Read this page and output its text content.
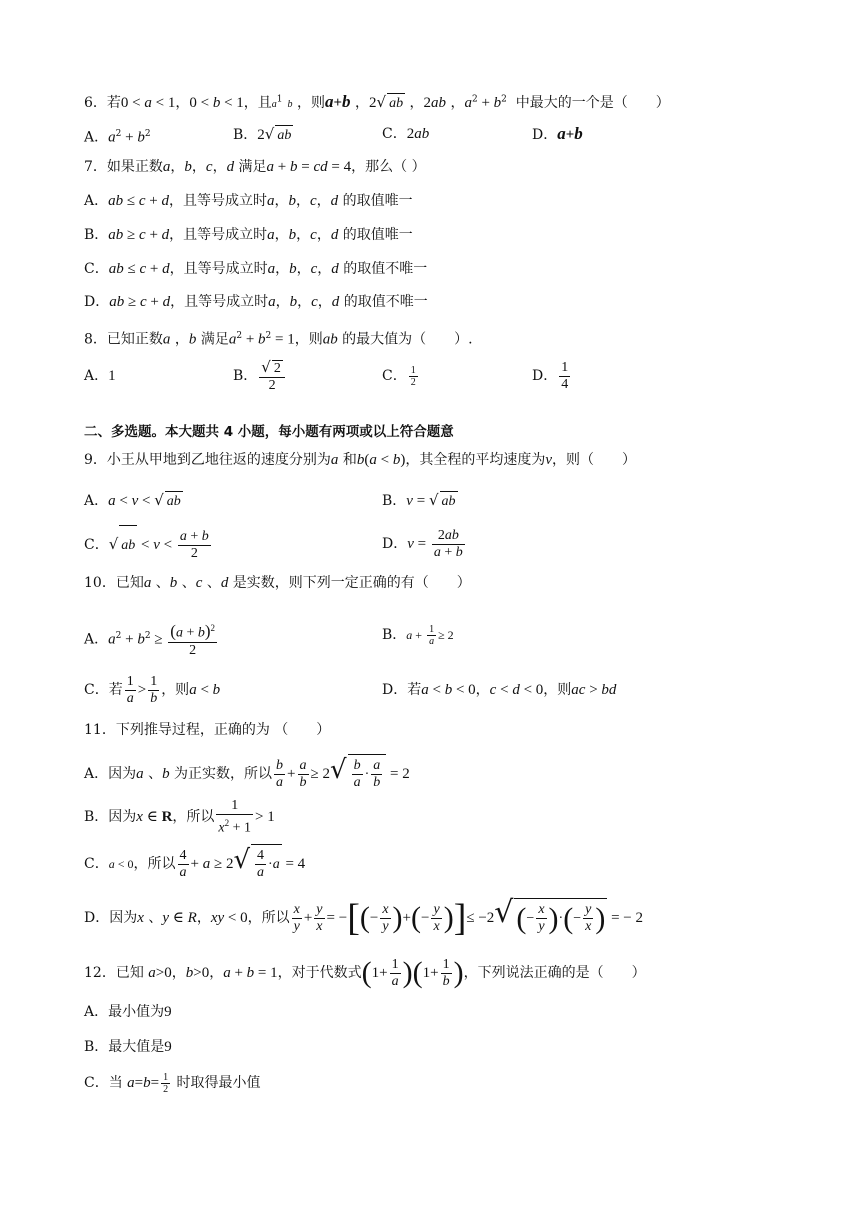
6．若0 < a < 1，0 < b < 1，且$a^1$  b ，则a+b ，2√ ab ，2ab ，$a^2 + b^2$  中最大的一个是（　　）
A．$a^2 + b^2$	B．2√ ab	C．2ab	D．a+b
7．如果正数a，b，c，d 满足a + b = cd = 4，那么（ ）
A．ab ≤ c + d，且等号成立时a，b，c，d 的取值唯一
B．ab ≥ c + d，且等号成立时a，b，c，d 的取值唯一
C．ab ≤ c + d，且等号成立时a，b，c，d 的取值不唯一
D．ab ≥ c + d，且等号成立时a，b，c，d 的取值不唯一
8．已知正数a ，b 满足$a^2 + b^2 = 1$，则ab 的最大值为（　　）.
A．1	B． $\frac{√ 2}{2}$	C． $\frac{1}{2}$	D． $\frac{1}{4}$
二、多选题。本大题共 4 小题，每小题有两项或以上符合题意
9．小王从甲地到乙地往返的速度分别为a 和b(a < b)，其全程的平均速度为v，则（　　）
A．a < v < √ ab	B．v = √ ab
C．√ ab < $v < \frac{a + b}{2}$	D．$v = \frac{2ab}{a + b}$
10．已知a 、b 、c 、d 是实数，则下列一定正确的有（　　）
A．$a^2 + b^2 \ge \frac{(a + b)^2}{2}$	B．$a + \frac{1}{a} \ge 2$
C．若 $\frac{1}{a} > \frac{1}{b}$ ，则a < b	D．若a < b < 0，c < d < 0，则ac > bd
11．下列推导过程，正确的为 （　　）
A．因为a 、b 为正实数，所以 $\frac{b}{a} + \frac{a}{b} \ge 2√ \frac{b}{a} \cdot \frac{a}{b} = 2$
B．因为x ∈ R，所以 $\frac{1}{x^2 + 1} > 1$
C．a < 0，所以 $\frac{4}{a} + a \ge 2√ \frac{4}{a} \cdot a = 4$
D．因为x 、y ∈ R，xy < 0，所以 $\frac{x}{y} + \frac{y}{x}$ = −[(− $\frac{x}{y}$ )+(− $\frac{y}{x}$ )]≤ −2√ (− $\frac{x}{y}$ )·(− $\frac{y}{x}$ ) = − 2
12．已知 a>0，b>0，a + b = 1，对于代数式$(1+ \frac{1}{a} )(1+ \frac{1}{b}$ )，下列说法正确的是（　　）
A．最小值为9
B．最大值是9
C．当 $a=b= \frac{1}{2}$ 时取得最小值
